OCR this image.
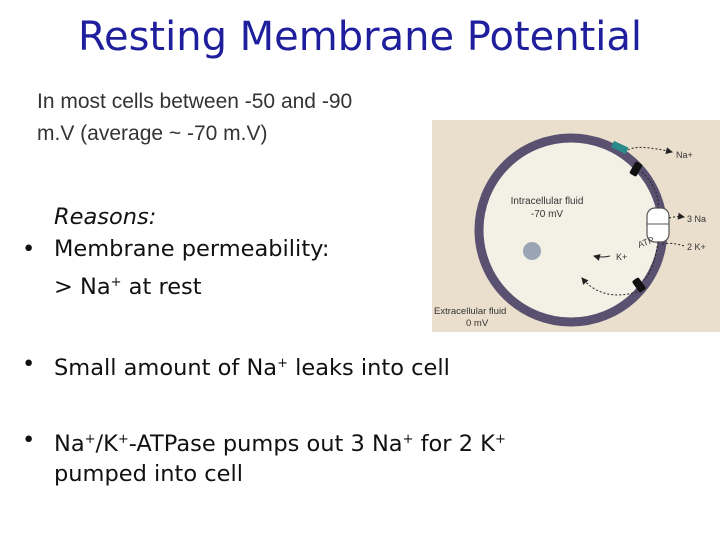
Resting Membrane Potential
In most cells between -50 and -90
m.V (average ~ -70 m.V)
Reasons:
• Membrane permeability:
> Na+ at rest
• Small amount of Na+ leaks into cell
• Na+/K+-ATPase pumps out 3 Na+ for 2 K+
pumped into cell
Intracellular fluid
-70 mV
Na+
3 Na
2 K+
K+
ATP
Extracellular fluid
0 mV
